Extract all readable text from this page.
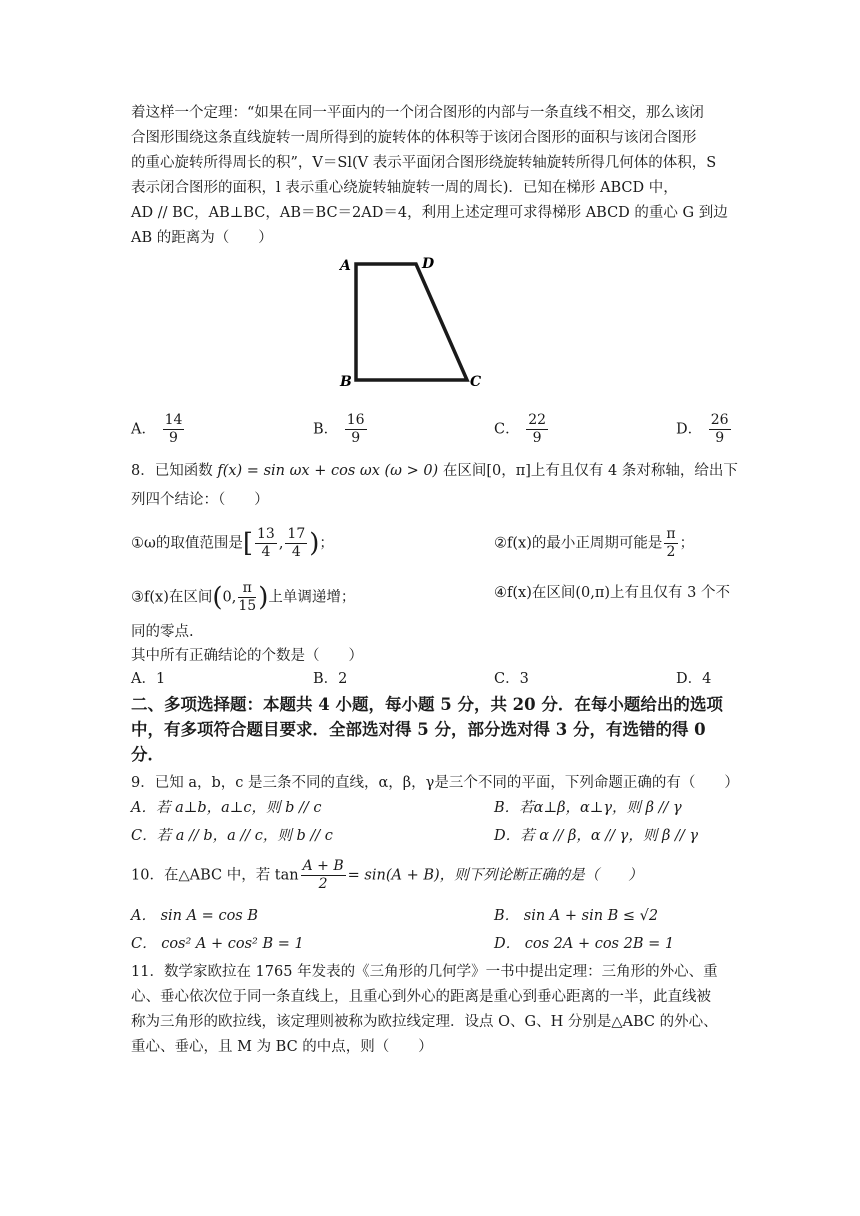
着这样一个定理：“如果在同一平面内的一个闭合图形的内部与一条直线不相交，那么该闭
合图形围绕这条直线旋转一周所得到的旋转体的体积等于该闭合图形的面积与该闭合图形
的重心旋转所得周长的积”，V＝Sl(V 表示平面闭合图形绕旋转轴旋转所得几何体的体积，S
表示闭合图形的面积，l 表示重心绕旋转轴旋转一周的周长)．已知在梯形 ABCD 中，
AD // BC，AB⊥BC，AB＝BC＝2AD＝4，利用上述定理可求得梯形 ABCD 的重心 G 到边
AB 的距离为（　　）
A	D
B	C
A． $\frac{14}{9}$	B． $\frac{16}{9}$	C． $\frac{22}{9}$	D． $\frac{26}{9}$
8．已知函数 f(x) = sin ωx + cos ωx (ω > 0) 在区间[0，π]上有且仅有 4 条对称轴，给出下
列四个结论：（　　）
①ω的取值范围是[ $\frac{13}{4}$ , $\frac{17}{4}$ )；	②f(x)的最小正周期可能是 $\frac{\pi}{2}$ ；
③f(x)在区间(0, $\frac{\pi}{15}$ )上单调递增；	④f(x)在区间(0,π)上有且仅有 3 个不
同的零点.
其中所有正确结论的个数是（　　）
A．1	B．2	C．3	D．4
二、多项选择题：本题共 4 小题，每小题 5 分，共 20 分．在每小题给出的选项
中，有多项符合题目要求．全部选对得 5 分，部分选对得 3 分，有选错的得 0
分．
9．已知 a，b，c 是三条不同的直线，α，β，γ是三个不同的平面，下列命题正确的有（　　）
A．若 a⊥b，a⊥c，则 b // c	B．若α⊥β，α⊥γ，则 β // γ
C．若 a // b，a // c，则 b // c	D．若 α // β，α // γ，则 β // γ
10．在△ABC 中，若 $\tan \frac{A + B}{2} = \sin(A + B)$，则下列论断正确的是（　　）
A． sin A = cos B	B． sin A + sin B ≤ √2
C． cos² A + cos² B = 1	D． cos 2A + cos 2B = 1
11．数学家欧拉在 1765 年发表的《三角形的几何学》一书中提出定理：三角形的外心、重
心、垂心依次位于同一条直线上，且重心到外心的距离是重心到垂心距离的一半，此直线被
称为三角形的欧拉线，该定理则被称为欧拉线定理．设点 O、G、H 分别是△ABC 的外心、
重心、垂心，且 M 为 BC 的中点，则（　　）
